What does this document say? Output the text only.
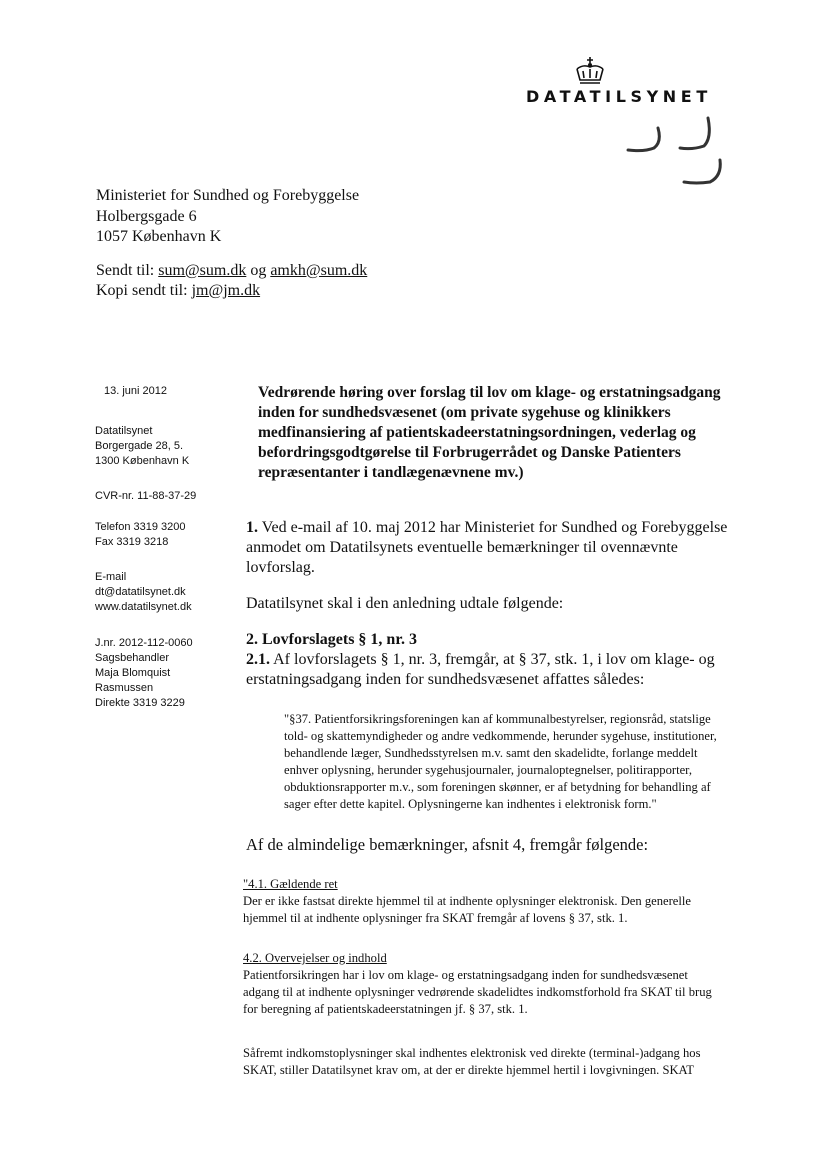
DATATILSYNET
Ministeriet for Sundhed og Forebyggelse
Holbergsgade 6
1057 København K
Sendt til: sum@sum.dk og amkh@sum.dk
Kopi sendt til: jm@jm.dk
13. juni 2012
Datatilsynet
Borgergade 28, 5.
1300 København K
CVR-nr. 11-88-37-29
Telefon 3319 3200
Fax 3319 3218
E-mail
dt@datatilsynet.dk
www.datatilsynet.dk
J.nr. 2012-112-0060
Sagsbehandler
Maja Blomquist
Rasmussen
Direkte 3319 3229
Vedrørende høring over forslag til lov om klage- og erstatningsadgang
inden for sundhedsvæsenet (om private sygehuse og klinikkers
medfinansiering af patientskadeerstatningsordningen, vederlag og
befordringsgodtgørelse til Forbrugerrådet og Danske Patienters
repræsentanter i tandlægenævnene mv.)
1. Ved e-mail af 10. maj 2012 har Ministeriet for Sundhed og Forebyggelse
anmodet om Datatilsynets eventuelle bemærkninger til ovennævnte
lovforslag.
Datatilsynet skal i den anledning udtale følgende:
2. Lovforslagets § 1, nr. 3
2.1. Af lovforslagets § 1, nr. 3, fremgår, at § 37, stk. 1, i lov om klage- og
erstatningsadgang inden for sundhedsvæsenet affattes således:
"§37. Patientforsikringsforeningen kan af kommunalbestyrelser, regionsråd, statslige
told- og skattemyndigheder og andre vedkommende, herunder sygehuse, institutioner,
behandlende læger, Sundhedsstyrelsen m.v. samt den skadelidte, forlange meddelt
enhver oplysning, herunder sygehusjournaler, journaloptegnelser, politirapporter,
obduktionsrapporter m.v., som foreningen skønner, er af betydning for behandling af
sager efter dette kapitel. Oplysningerne kan indhentes i elektronisk form."
Af de almindelige bemærkninger, afsnit 4, fremgår følgende:
"4.1. Gældende ret
Der er ikke fastsat direkte hjemmel til at indhente oplysninger elektronisk. Den generelle
hjemmel til at indhente oplysninger fra SKAT fremgår af lovens § 37, stk. 1.
4.2. Overvejelser og indhold
Patientforsikringen har i lov om klage- og erstatningsadgang inden for sundhedsvæsenet
adgang til at indhente oplysninger vedrørende skadelidtes indkomstforhold fra SKAT til brug
for beregning af patientskadeerstatningen jf. § 37, stk. 1.
Såfremt indkomstoplysninger skal indhentes elektronisk ved direkte (terminal-)adgang hos
SKAT, stiller Datatilsynet krav om, at der er direkte hjemmel hertil i lovgivningen. SKAT
